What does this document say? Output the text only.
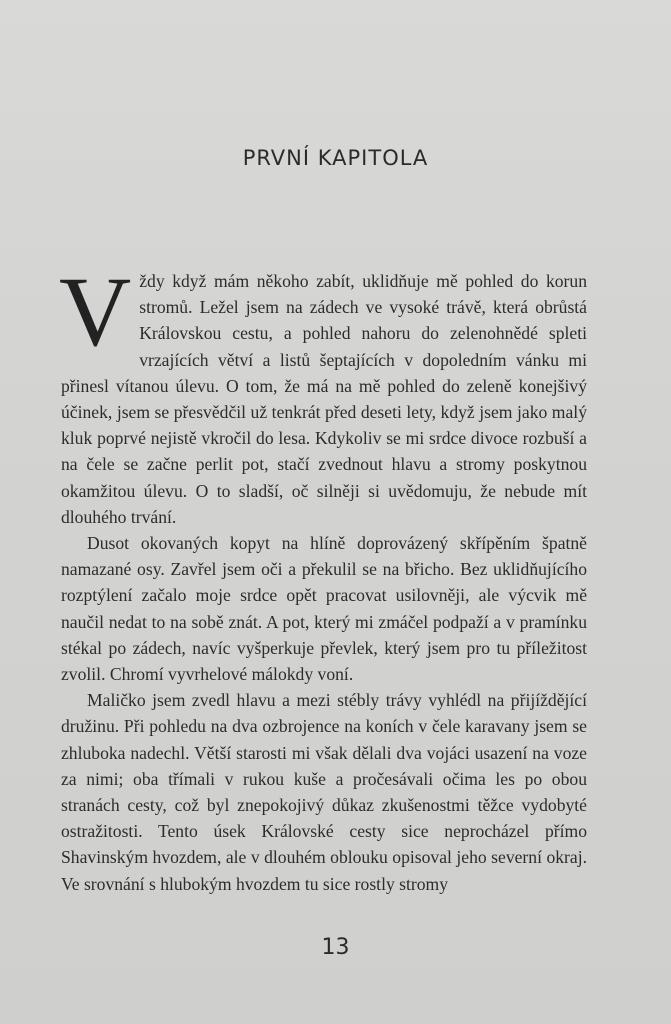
PRVNÍ KAPITOLA

Vždy když mám někoho zabít, uklidňuje mě pohled do korun stromů. Ležel jsem na zádech ve vysoké trávě, která obrůstá Královskou cestu, a pohled nahoru do zelenohnědé spleti vrzajících větví a listů šeptajících v dopoledním vánku mi přinesl vítanou úlevu. O tom, že má na mě pohled do zeleně konejšivý účinek, jsem se přesvědčil už tenkrát před deseti lety, když jsem jako malý kluk poprvé nejistě vkročil do lesa. Kdykoliv se mi srdce divoce rozbuší a na čele se začne perlit pot, stačí zvednout hlavu a stromy poskytnou okamžitou úlevu. O to sladší, oč silněji si uvědomuju, že nebude mít dlouhého trvání.

Dusot okovaných kopyt na hlíně doprovázený skřípěním špatně namazané osy. Zavřel jsem oči a překulil se na břicho. Bez uklidňujícího rozptýlení začalo moje srdce opět pracovat usilovněji, ale výcvik mě naučil nedat to na sobě znát. A pot, který mi zmáčel podpaží a v pramínku stékal po zádech, navíc vyšperkuje převlek, který jsem pro tu příležitost zvolil. Chromí vyvrhelové málokdy voní.

Maličko jsem zvedl hlavu a mezi stébly trávy vyhlédl na přijíždějící družinu. Při pohledu na dva ozbrojence na koních v čele karavany jsem se zhluboka nadechl. Větší starosti mi však dělali dva vojáci usazení na voze za nimi; oba třímali v rukou kuše a pročesávali očima les po obou stranách cesty, což byl znepokojivý důkaz zkušenostmi těžce vydobyté ostražitosti. Tento úsek Královské cesty sice neprocházel přímo Shavinským hvozdem, ale v dlouhém oblouku opisoval jeho severní okraj. Ve srovnání s hlubokým hvozdem tu sice rostly stromy

13
